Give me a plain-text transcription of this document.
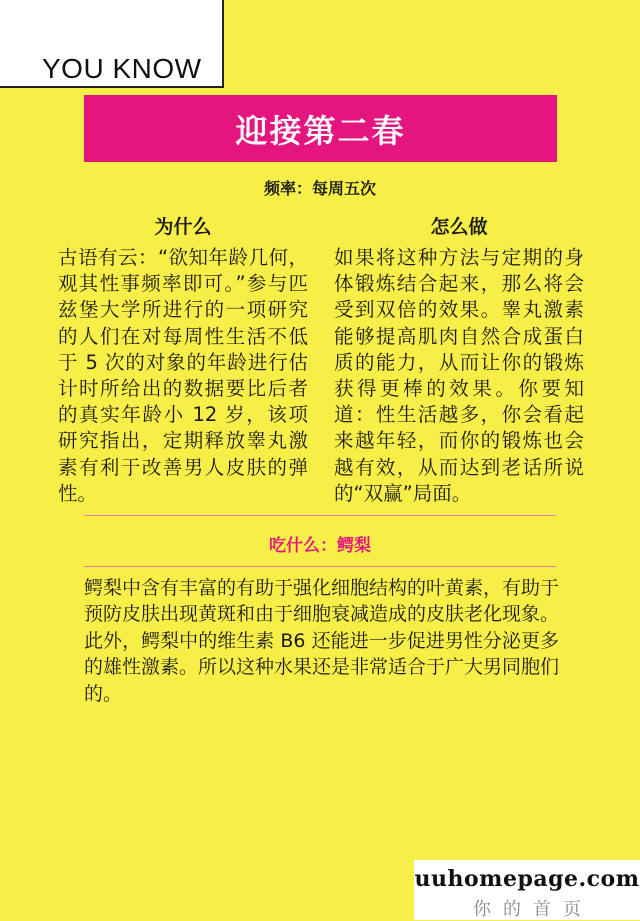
YOU KNOW
迎接第二春
频率：每周五次
为什么	怎么做
古语有云：“欲知年龄几何，观其性事频率即可。”参与匹兹堡大学所进行的一项研究的人们在对每周性生活不低于 5 次的对象的年龄进行估计时所给出的数据要比后者的真实年龄小 12 岁，该项研究指出，定期释放睾丸激素有利于改善男人皮肤的弹性。
如果将这种方法与定期的身体锻炼结合起来，那么将会受到双倍的效果。睾丸激素能够提高肌肉自然合成蛋白质的能力，从而让你的锻炼获得更棒的效果。你要知道：性生活越多，你会看起来越年轻，而你的锻炼也会越有效，从而达到老话所说的“双赢”局面。
吃什么：鳄梨
鳄梨中含有丰富的有助于强化细胞结构的叶黄素，有助于预防皮肤出现黄斑和由于细胞衰减造成的皮肤老化现象。此外，鳄梨中的维生素 B6 还能进一步促进男性分泌更多的雄性激素。所以这种水果还是非常适合于广大男同胞们的。
uuhomepage.com
你的首页
